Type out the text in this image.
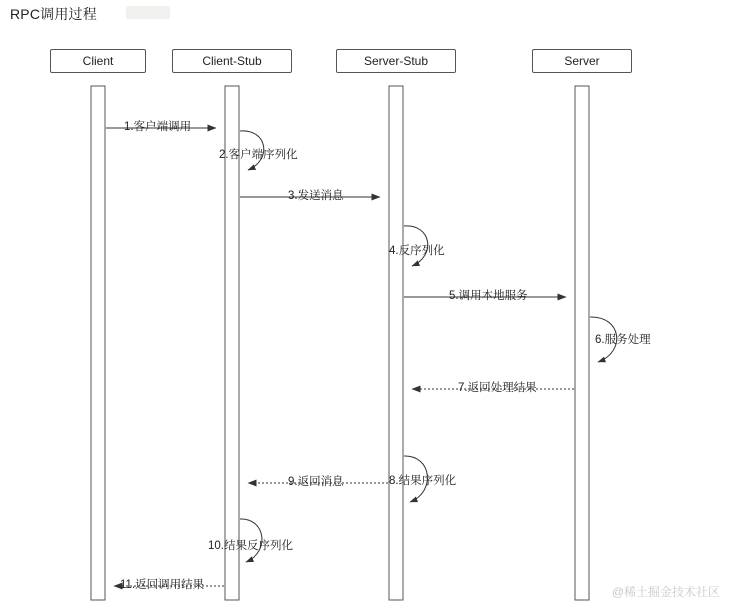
RPC调用过程
Client	Client-Stub	Server-Stub	Server
1.客户端调用
2.客户端序列化
3.发送消息
4.反序列化
5.调用本地服务
6.服务处理
7.返回处理结果
8.结果序列化
9.返回消息
10.结果反序列化
11.返回调用结果	@稀土掘金技术社区
